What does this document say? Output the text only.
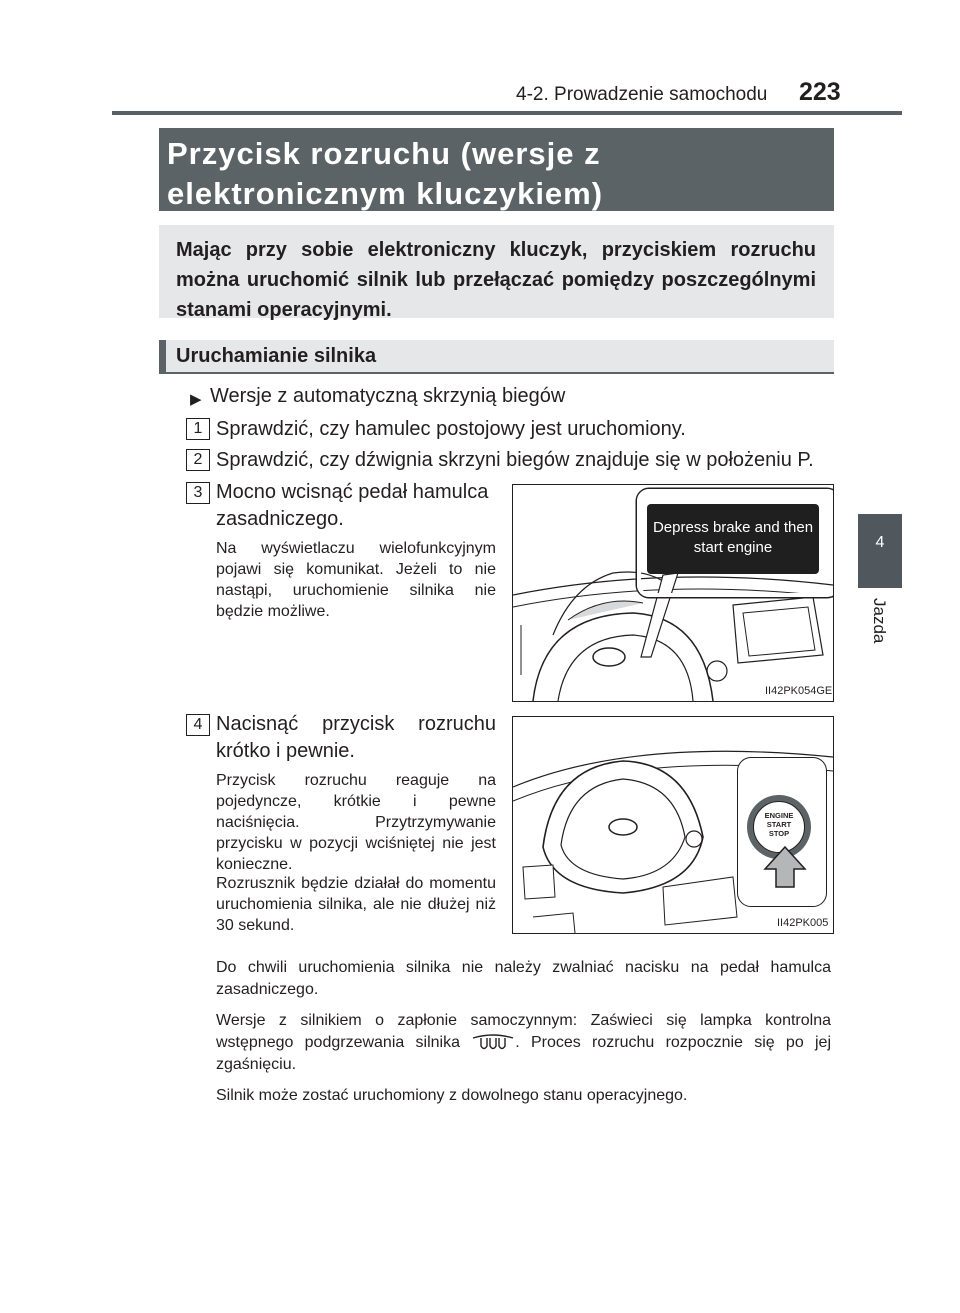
4-2. Prowadzenie samochodu 223
4
Jazda
Przycisk rozruchu (wersje z elektronicznym kluczykiem)
Mając przy sobie elektroniczny kluczyk, przyciskiem rozruchu można uruchomić silnik lub przełączać pomiędzy poszczególnymi stanami operacyjnymi.
Uruchamianie silnika
▶ Wersje z automatyczną skrzynią biegów
1 Sprawdzić, czy hamulec postojowy jest uruchomiony.
2 Sprawdzić, czy dźwignia skrzyni biegów znajduje się w położeniu P.
3 Mocno wcisnąć pedał hamulca zasadniczego.
Na wyświetlaczu wielofunkcyjnym pojawi się komunikat. Jeżeli to nie nastąpi, uruchomienie silnika nie będzie możliwe.
II42PK054GE
Depress brake and then start engine
4 Nacisnąć przycisk rozruchu krótko i pewnie.
Przycisk rozruchu reaguje na pojedyncze, krótkie i pewne naciśnięcia. Przytrzymywanie przycisku w pozycji wciśniętej nie jest konieczne.
Rozrusznik będzie działał do momentu uruchomienia silnika, ale nie dłużej niż 30 sekund.
ENGINE
START
STOP
II42PK005
Do chwili uruchomienia silnika nie należy zwalniać nacisku na pedał hamulca zasadniczego.
Wersje z silnikiem o zapłonie samoczynnym: Zaświeci się lampka kontrolna wstępnego podgrzewania silnika	. Proces rozruchu rozpocznie się po jej zgaśnięciu.
Silnik może zostać uruchomiony z dowolnego stanu operacyjnego.
